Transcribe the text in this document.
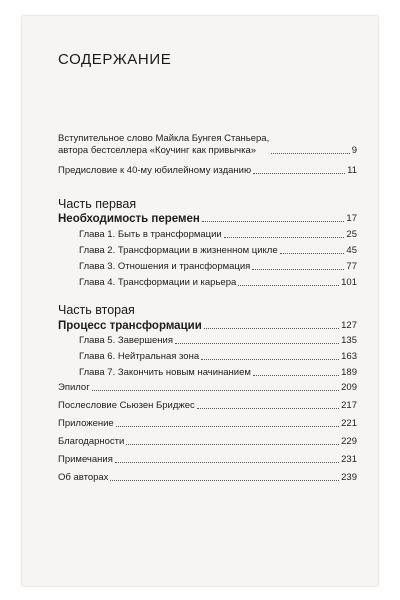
СОДЕРЖАНИЕ
Вступительное слово Майкла Бунгея Станьера,
автора бестселлера «Коучинг как привычка»	9
Предисловие к 40-му юбилейному изданию	11
Часть первая
Необходимость перемен	17
Глава 1. Быть в трансформации	25
Глава 2. Трансформации в жизненном цикле	45
Глава 3. Отношения и трансформация	77
Глава 4. Трансформации и карьера	101
Часть вторая
Процесс трансформации	127
Глава 5. Завершения	135
Глава 6. Нейтральная зона	163
Глава 7. Закончить новым начинанием	189
Эпилог	209
Послесловие Сьюзен Бриджес	217
Приложение	221
Благодарности	229
Примечания	231
Об авторах	239
